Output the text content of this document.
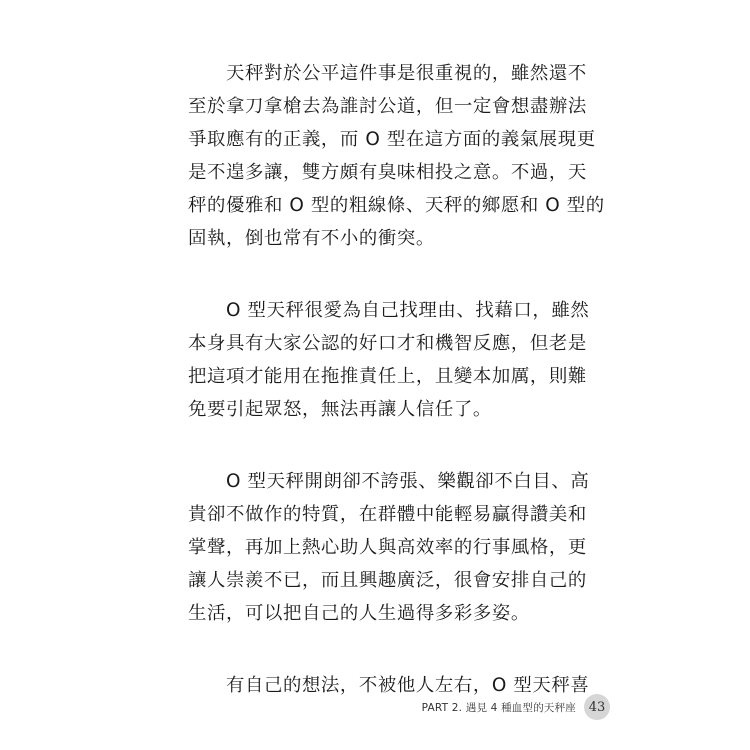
　　天秤對於公平這件事是很重視的，雖然還不
至於拿刀拿槍去為誰討公道，但一定會想盡辦法
爭取應有的正義，而 O 型在這方面的義氣展現更
是不遑多讓，雙方頗有臭味相投之意。不過，天
秤的優雅和 O 型的粗線條、天秤的鄉愿和 O 型的
固執，倒也常有不小的衝突。
　　O 型天秤很愛為自己找理由、找藉口，雖然
本身具有大家公認的好口才和機智反應，但老是
把這項才能用在拖推責任上，且變本加厲，則難
免要引起眾怒，無法再讓人信任了。
　　O 型天秤開朗卻不誇張、樂觀卻不白目、高
貴卻不做作的特質，在群體中能輕易贏得讚美和
掌聲，再加上熱心助人與高效率的行事風格，更
讓人崇羨不已，而且興趣廣泛，很會安排自己的
生活，可以把自己的人生過得多彩多姿。
　　有自己的想法，不被他人左右，O 型天秤喜
PART 2. 遇見 4 種血型的天秤座 43
